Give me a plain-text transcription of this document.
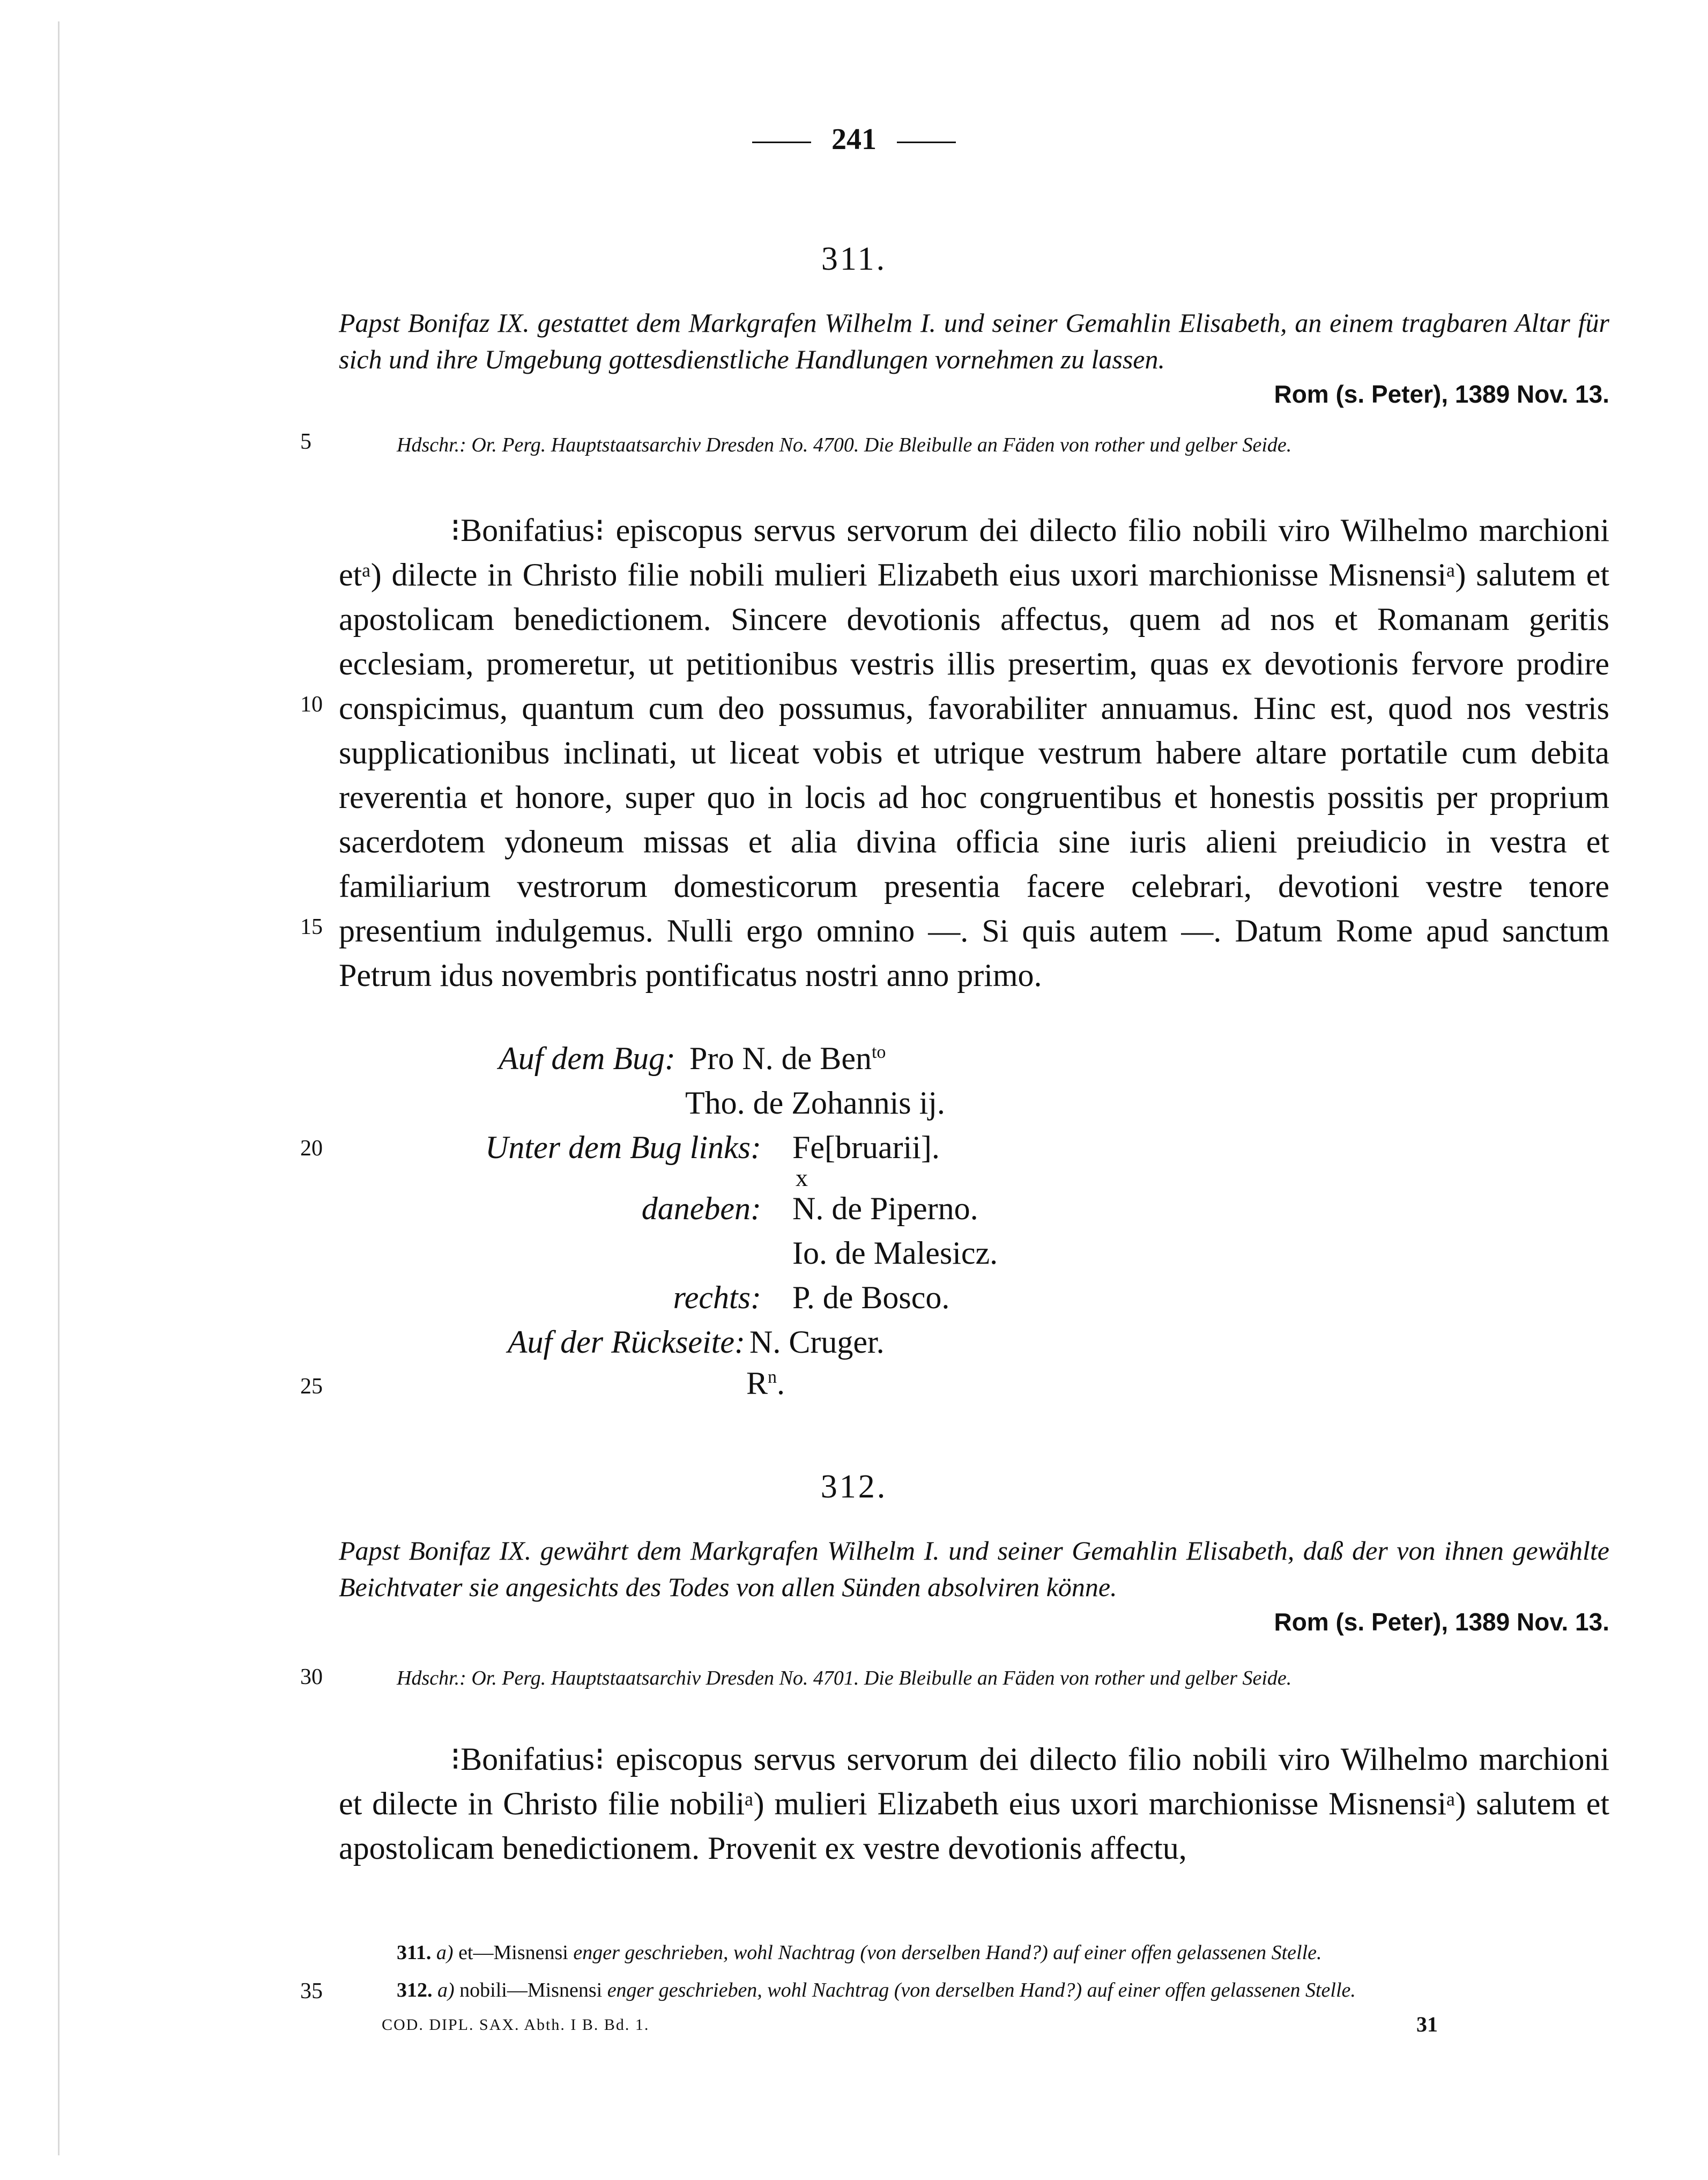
241
311.
Papst Bonifaz IX. gestattet dem Markgrafen Wilhelm I. und seiner Gemahlin Elisabeth, an einem tragbaren Altar für sich und ihre Umgebung gottesdienstliche Handlungen vornehmen zu lassen.
Rom (s. Peter), 1389 Nov. 13.
5	Hdschr.: Or. Perg. Hauptstaatsarchiv Dresden No. 4700. Die Bleibulle an Fäden von rother und gelber Seide.

⁝Bonifatius⁝ episcopus servus servorum dei dilecto filio nobili viro Wilhelmo marchioni etᵃ) dilecte in Christo filie nobili mulieri Elizabeth eius uxori marchionisse Misnensiᵃ) salutem et apostolicam benedictionem. Sincere devotionis affectus, quem ad nos et Romanam geritis ecclesiam, promeretur, ut petitionibus vestris illis presertim, quas ex devotionis fervore prodire conspicimus, quantum cum deo possumus, favorabiliter annuamus. Hinc est, quod nos vestris supplicationibus inclinati, ut liceat vobis et utrique vestrum habere altare portatile cum debita reverentia et honore, super quo in locis ad hoc congruentibus et honestis possitis per proprium sacerdotem ydoneum missas et alia divina officia sine iuris alieni preiudicio in vestra et familiarium vestrorum domesticorum presentia facere celebrari, devotioni vestre tenore presentium indulgemus. Nulli ergo omnino —. Si quis autem —. Datum Rome apud sanctum Petrum idus novembris pontificatus nostri anno primo.

10
15
Auf dem Bug: Pro N. de Ben$^{to}$
Tho. de Zohannis ij.
20	Unter dem Bug links: Fe[bruarii].
x
daneben: N. de Piperno.
Io. de Malesicz.
rechts: P. de Bosco.
Auf der Rückseite: N. Cruger.
25	$R^n$.
312.
Papst Bonifaz IX. gewährt dem Markgrafen Wilhelm I. und seiner Gemahlin Elisabeth, daß der von ihnen gewählte Beichtvater sie angesichts des Todes von allen Sünden absolviren könne.
Rom (s. Peter), 1389 Nov. 13.
30	Hdschr.: Or. Perg. Hauptstaatsarchiv Dresden No. 4701. Die Bleibulle an Fäden von rother und gelber Seide.

⁝Bonifatius⁝ episcopus servus servorum dei dilecto filio nobili viro Wilhelmo marchioni et dilecte in Christo filie nobiliᵃ) mulieri Elizabeth eius uxori marchionisse Misnensiᵃ) salutem et apostolicam benedictionem. Provenit ex vestre devotionis affectu,

311. a) et—Misnensi enger geschrieben, wohl Nachtrag (von derselben Hand?) auf einer offen gelassenen Stelle.
35	312. a) nobili—Misnensi enger geschrieben, wohl Nachtrag (von derselben Hand?) auf einer offen gelassenen Stelle.
COD. DIPL. SAX. Abth. I B. Bd. 1.	31
